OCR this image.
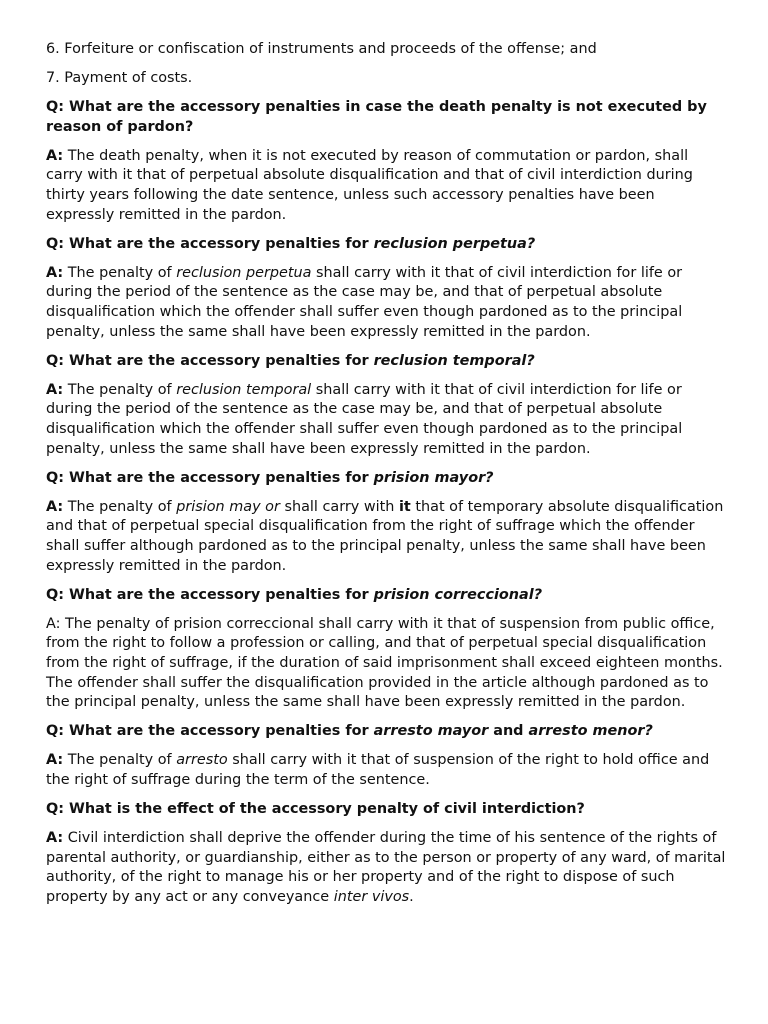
6. Forfeiture or confiscation of instruments and proceeds of the offense; and

7. Payment of costs.

Q: What are the accessory penalties in case the death penalty is not executed by reason of pardon?

A: The death penalty, when it is not executed by reason of commutation or pardon, shall carry with it that of perpetual absolute disqualification and that of civil interdiction during thirty years following the date sentence, unless such accessory penalties have been expressly remitted in the pardon.

Q: What are the accessory penalties for reclusion perpetua?

A: The penalty of reclusion perpetua shall carry with it that of civil interdiction for life or during the period of the sentence as the case may be, and that of perpetual absolute disqualification which the offender shall suffer even though pardoned as to the principal penalty, unless the same shall have been expressly remitted in the pardon.

Q: What are the accessory penalties for reclusion temporal?

A: The penalty of reclusion temporal shall carry with it that of civil interdiction for life or during the period of the sentence as the case may be, and that of perpetual absolute disqualification which the offender shall suffer even though pardoned as to the principal penalty, unless the same shall have been expressly remitted in the pardon.

Q: What are the accessory penalties for prision mayor?

A: The penalty of prision may or shall carry with it that of temporary absolute disqualification and that of perpetual special disqualification from the right of suffrage which the offender shall suffer although pardoned as to the principal penalty, unless the same shall have been expressly remitted in the pardon.

Q: What are the accessory penalties for prision correccional?

A: The penalty of prision correccional shall carry with it that of suspension from public office, from the right to follow a profession or calling, and that of perpetual special disqualification from the right of suffrage, if the duration of said imprisonment shall exceed eighteen months. The offender shall suffer the disqualification provided in the article although pardoned as to the principal penalty, unless the same shall have been expressly remitted in the pardon.

Q: What are the accessory penalties for arresto mayor and arresto menor?

A: The penalty of arresto shall carry with it that of suspension of the right to hold office and the right of suffrage during the term of the sentence.

Q: What is the effect of the accessory penalty of civil interdiction?

A: Civil interdiction shall deprive the offender during the time of his sentence of the rights of parental authority, or guardianship, either as to the person or property of any ward, of marital authority, of the right to manage his or her property and of the right to dispose of such property by any act or any conveyance inter vivos.
